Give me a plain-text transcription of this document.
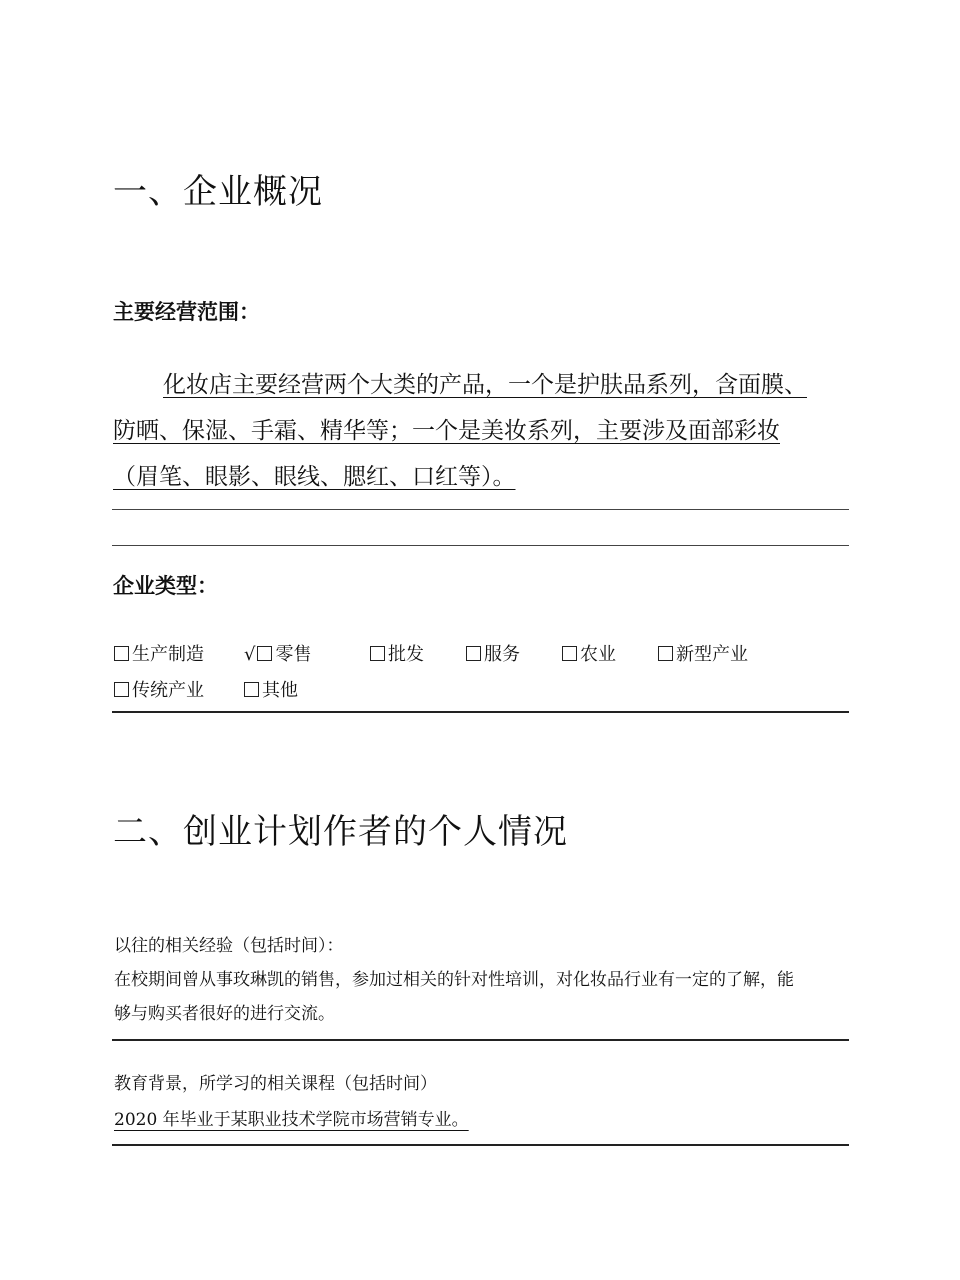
一、企业概况
主要经营范围：
化妆店主要经营两个大类的产品，一个是护肤品系列，含面膜、
防晒、保湿、手霜、精华等；一个是美妆系列，主要涉及面部彩妆
（眉笔、眼影、眼线、腮红、口红等）。
企业类型：
生产制造 √ 零售	批发	服务	农业	新型产业
传统产业	其他
二、创业计划作者的个人情况
以往的相关经验（包括时间）：
在校期间曾从事玫琳凯的销售，参加过相关的针对性培训，对化妆品行业有一定的了解，能
够与购买者很好的进行交流。
教育背景，所学习的相关课程（包括时间）
2020 年毕业于某职业技术学院市场营销专业。
